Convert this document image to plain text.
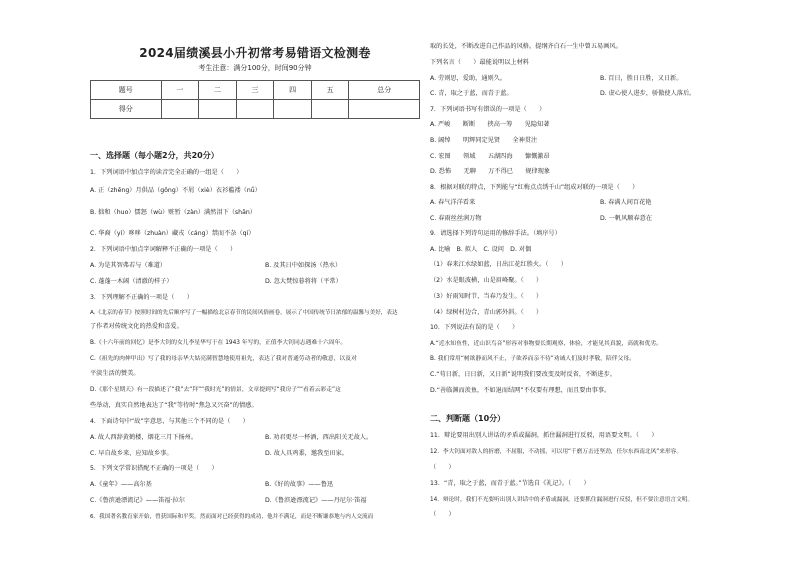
2024届绩溪县小升初常考易错语文检测卷
考生注意：满分100分，时间90分钟
题号	一	二	三	四	五	总分
得分						
一、选择题（每小题2分，共20分）
1．下列词语中加点字的读音完全正确的一组是（　　）
A. 正（zhēng）月供品（gōng）不屑（xiè）衣衫褴褛（nǚ）
B. 拙和（huo）懦怒（wù）赃暂（zàn）满然泪下（shān）
C. 华裔（yí）哆哆（zhuàn）藏戎（cáng）禁而不杂（qí）
2．下列词语中加点字词解释不正确的一项是（　　）
A. 为是其智弗若与（难道）	B. 及其日中如探汤（热水）
C. 蓬蓬一木阔（清澈的样子）	D. 忽大焚惊暮将将（平常）
3．下列理解不正确的一项是（　　）
A.《北京的春节》按照时间的先后顺序写了一幅描绘北京春节的民间风俗画卷，展示了中国传统节日浓郁的温馨与美好，表达
了作者对传统文化的热爱和喜爱。
B.《十六年前的回忆》是李大钊的女儿李星华写于在 1943 年写的，正值李大钊同志遇难十六周年。
C.《祖先的肉伸甲出》写了我的母亲华大姑亮满智慧地使用祖先，表达了我对普通劳动者的敬意，以及对
平淡生活的赞美。
D.《那个星期天》有一段描述了“我”去“拜”“我时光”的情景，文章提到写“我房子”“看着云彩走”这
些举动，真实自然地表达了“我”等待时“焦急又兴奋”的情感。
4．下面诗句中“故”字意思，与其他三个不同的是（　　）
A. 故人西辞黄鹤楼，烟花三月下扬州。	B. 劝君更尽一杯酒，西出阳关无故人。
C. 早自故乡来，应知故乡事。	D. 故人具鸡黍，邀我至田家。
5．下列文学常识搭配不正确的一项是（　　）
A.《童年》——高尔基	B.《好的故事》——鲁迅
C.《鲁滨逊漂流记》——笛福·拉尔	D.《鲁滨逊漂流记》——丹尼尔·笛福
6．我国著名教育家开始，曾获国际和平奖。然而面对已经获得的成功，他并不满足，而是不断谦恭地与内人交流而
取的长处，不断改进自己作品的风格。提纲齐白石一生中曾五易画风。
下列名言（　　）最能说明以上材料
A. 劳则思，爱助，通则久。	B. 百日，胜日日胜，又日新。
C. 青，取之于蓝，而青于蓝。	D. 虚心使人进步，骄傲使人落后。
7．下列词语书写有错误的一项是（　　）
A. 严峻　　断断　　挟高一筹　　见隐知著
B. 阔绰　　明辉同定见贤　　全神贯注
C. 宏图　　领域　　五湖四海　　慷慨激昂
D. 恐怖　　无聊　　万不得已　　规律现象
8．根据对联的特点，下列能与“红梅点点绣千山”组成对联的一项是（　　）
A. 春气洋洋看来	B. 春满人间百花艳
C. 春雨丝丝润万物	D. 一帆风顺春意在
9．请选择下列诗句运用的修辞手法。（填序号）
A. 比喻　B. 拟人　C. 设问　D. 对偶
（1）春来江水绿如蓝，日出江花红胜火。（　　）
（2）水是眼波横，山是眉峰聚。（　　）
（3）好雨知时节，当春乃发生。（　　）
（4）绿树村边合，青山郭外斜。（　　）
10．下列说法有误的是（　　）
A.“近水知鱼性，近山识鸟音”形容对事物要长期观察、体验，才能见其真貌，高就和优劣。
B. 我们常用“树欲静而风不止，子欲养而亲不待”劝诫人们及时孝敬，陪伴父母。
C.“苟日新，日日新，又日新”说明我们要改变及时反省，不断进步。
D.“善临渊而羡鱼，不如退而结网”不仅要有理想，而且要由事事。
二、判断题（10分）
11．辩论要用出别人讲话的矛盾或漏洞，抓住漏洞进行反驳，用语要文明。（　　）
12．李大钊面对敌人的折磨，不屈服，不动摇，可以用“千磨万击还坚劲，任尔东西南北风”来形容。
（　　）
13．“青，取之于蓝，而青于蓝。”节选自《礼记》。（　　）
14．辩论时，我们不光要听出别人讲话中的矛盾或漏洞，还要抓住漏洞进行反驳，但不要注意语言文明。
（　　）
